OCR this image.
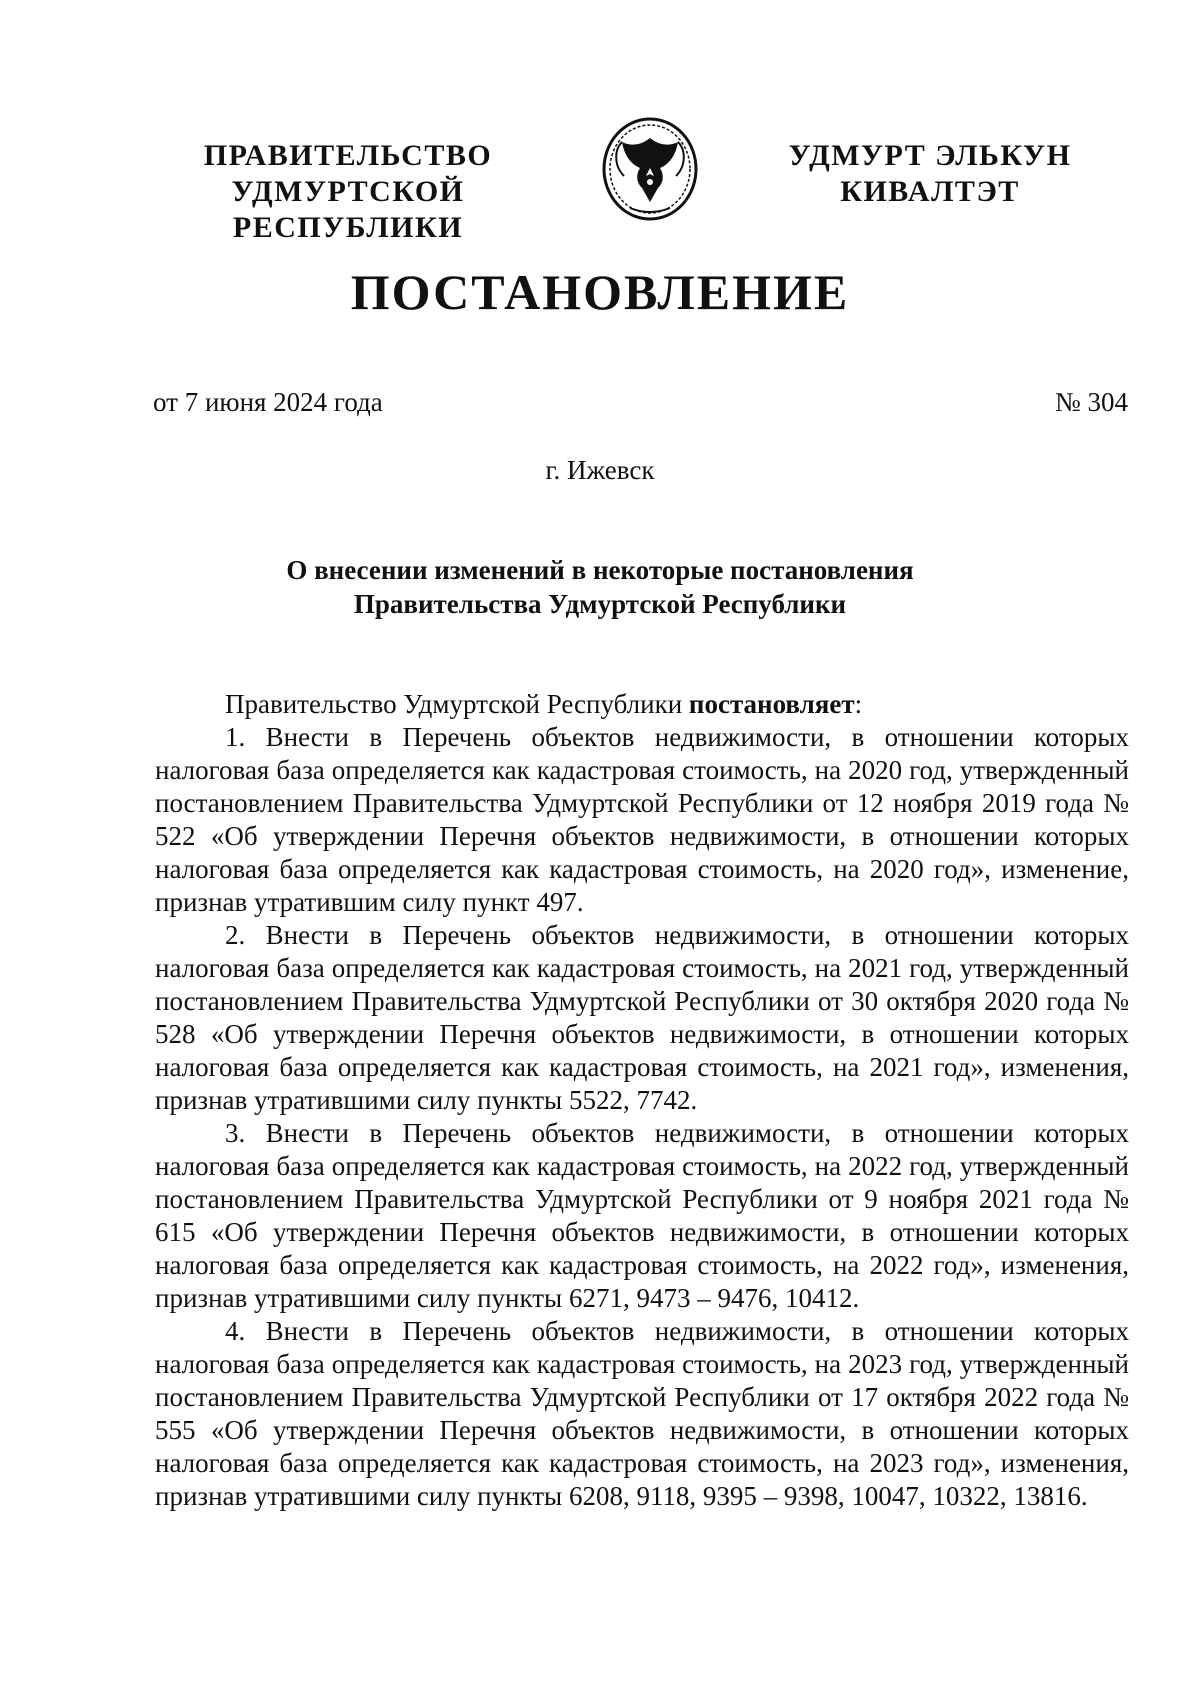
ПРАВИТЕЛЬСТВО
УДМУРТСКОЙ РЕСПУБЛИКИ
УДМУРТ ЭЛЬКУН
КИВАЛТЭТ
ПОСТАНОВЛЕНИЕ
от 7 июня 2024 года	№ 304
г. Ижевск
О внесении изменений в некоторые постановления
Правительства Удмуртской Республики

Правительство Удмуртской Республики постановляет:

1. Внести в Перечень объектов недвижимости, в отношении которых налоговая база определяется как кадастровая стоимость, на 2020 год, утвержденный постановлением Правительства Удмуртской Республики от 12 ноября 2019 года № 522 «Об утверждении Перечня объектов недвижимости, в отношении которых налоговая база определяется как кадастровая стоимость, на 2020 год», изменение, признав утратившим силу пункт 497.

2. Внести в Перечень объектов недвижимости, в отношении которых налоговая база определяется как кадастровая стоимость, на 2021 год, утвержденный постановлением Правительства Удмуртской Республики от 30 октября 2020 года № 528 «Об утверждении Перечня объектов недвижимости, в отношении которых налоговая база определяется как кадастровая стоимость, на 2021 год», изменения, признав утратившими силу пункты 5522, 7742.

3. Внести в Перечень объектов недвижимости, в отношении которых налоговая база определяется как кадастровая стоимость, на 2022 год, утвержденный постановлением Правительства Удмуртской Республики от 9 ноября 2021 года № 615 «Об утверждении Перечня объектов недвижимости, в отношении которых налоговая база определяется как кадастровая стоимость, на 2022 год», изменения, признав утратившими силу пункты 6271, 9473 – 9476, 10412.

4. Внести в Перечень объектов недвижимости, в отношении которых налоговая база определяется как кадастровая стоимость, на 2023 год, утвержденный постановлением Правительства Удмуртской Республики от 17 октября 2022 года № 555 «Об утверждении Перечня объектов недвижимости, в отношении которых налоговая база определяется как кадастровая стоимость, на 2023 год», изменения, признав утратившими силу пункты 6208, 9118, 9395 – 9398, 10047, 10322, 13816.
